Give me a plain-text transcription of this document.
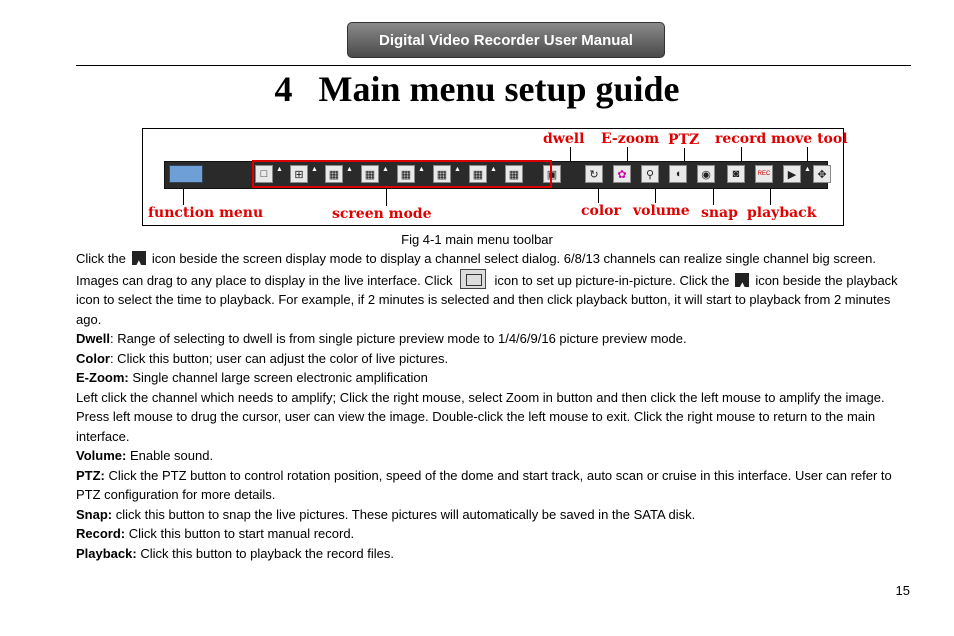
Digital Video Recorder User Manual
4 Main menu setup guide
dwell E-zoom PTZ record move tool
function menu	screen mode	color volume snap playback
□	▲	⊞	▲ ▦ ▲	▦ ▲	▦ ▲	▦ ▲	▦ ▲	▦	▣	↻	✿	⚲	◖	◉	◙	REC	▶	▲ ✥
Fig 4-1 main menu toolbar

Click the ▲ icon beside the screen display mode to display a channel select dialog. 6/8/13 channels can realize single channel big screen. Images can drag to any place to display in the live interface. Click	icon to set up picture-in-picture. Click the ▲ icon beside the playback icon to select the time to playback. For example, if 2 minutes is selected and then click playback button, it will start to playback from 2 minutes ago.

Dwell: Range of selecting to dwell is from single picture preview mode to 1/4/6/9/16 picture preview mode.

Color: Click this button; user can adjust the color of live pictures.

E-Zoom: Single channel large screen electronic amplification

Left click the channel which needs to amplify; Click the right mouse, select Zoom in button and then click the left mouse to amplify the image. Press left mouse to drug the cursor, user can view the image. Double-click the left mouse to exit. Click the right mouse to return to the main interface.

Volume: Enable sound.

PTZ: Click the PTZ button to control rotation position, speed of the dome and start track, auto scan or cruise in this interface. User can refer to PTZ configuration for more details.

Snap: click this button to snap the live pictures. These pictures will automatically be saved in the SATA disk.

Record: Click this button to start manual record.

Playback: Click this button to playback the record files.

15
